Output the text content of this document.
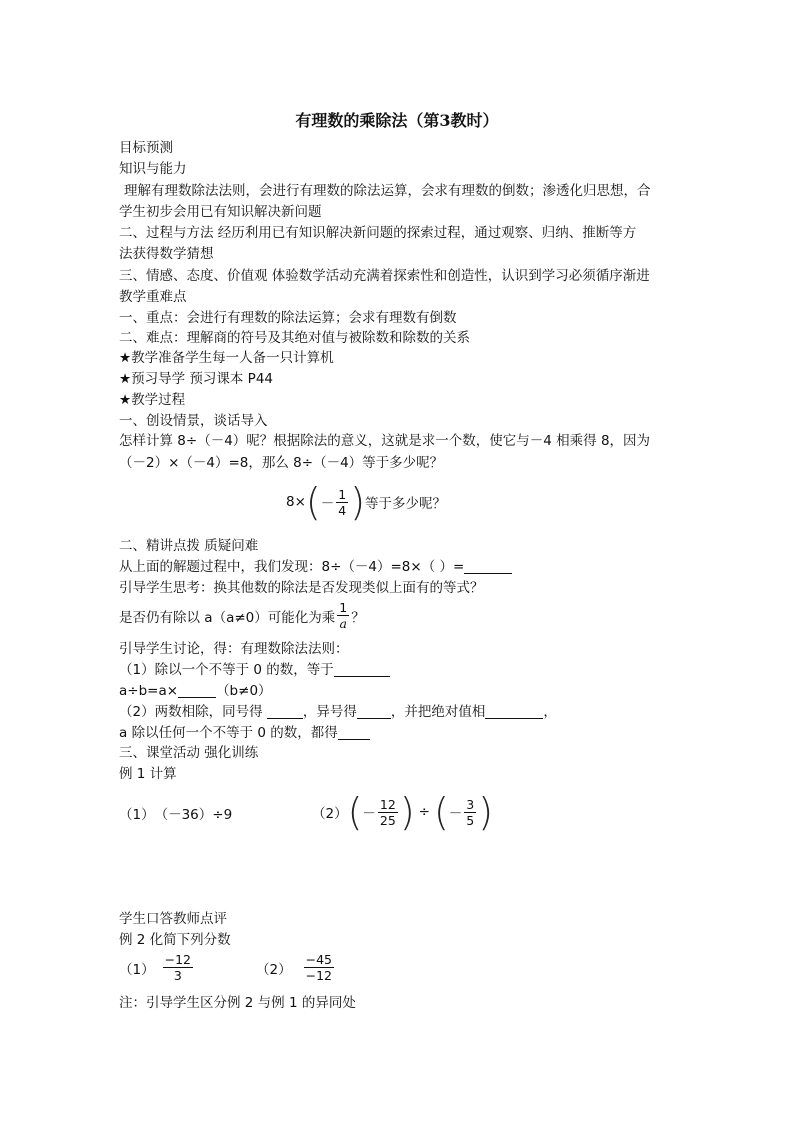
有理数的乘除法（第3教时）
目标预测
知识与能力
理解有理数除法法则，会进行有理数的除法运算，会求有理数的倒数；渗透化归思想，合
学生初步会用已有知识解决新问题
二、过程与方法 经历利用已有知识解决新问题的探索过程，通过观察、归纳、推断等方
法获得数学猜想
三、情感、态度、价值观 体验数学活动充满着探索性和创造性，认识到学习必须循序渐进
教学重难点
一、重点：会进行有理数的除法运算；会求有理数有倒数
二、难点：理解商的符号及其绝对值与被除数和除数的关系
★教学准备学生每一人备一只计算机
★预习导学 预习课本 P44
★教学过程
一、创设情景，谈话导入
怎样计算 8÷（－4）呢？根据除法的意义，这就是求一个数，使它与－4 相乘得 8，因为
（－2）×（－4）=8，那么 8÷（－4）等于多少呢？
8× ( － $\frac{1}{4}$ ) 等于多少呢？
二、精讲点拨 质疑问难
从上面的解题过程中，我们发现：8÷（－4）=8×（ ）=
引导学生思考：换其他数的除法是否发现类似上面有的等式？
是否仍有除以 a（a≠0）可能化为乘 $\frac{1}{a}$ ？
引导学生讨论，得：有理数除法法则：
（1）除以一个不等于 0 的数，等于
a÷b=a×	（b≠0）
（2）两数相除，同号得	，异号得	，并把绝对值相	，
a 除以任何一个不等于 0 的数，都得
三、课堂活动 强化训练
例 1 计算
（1） （－36）÷9	（2） ( － $\frac{12}{25}$ ) ÷ ( － $\frac{3}{5}$ )
学生口答教师点评
例 2 化简下列分数
$(1) \frac{-12}{3}$	$(2) \frac{-45}{-12}$
注：引导学生区分例 2 与例 1 的异同处
